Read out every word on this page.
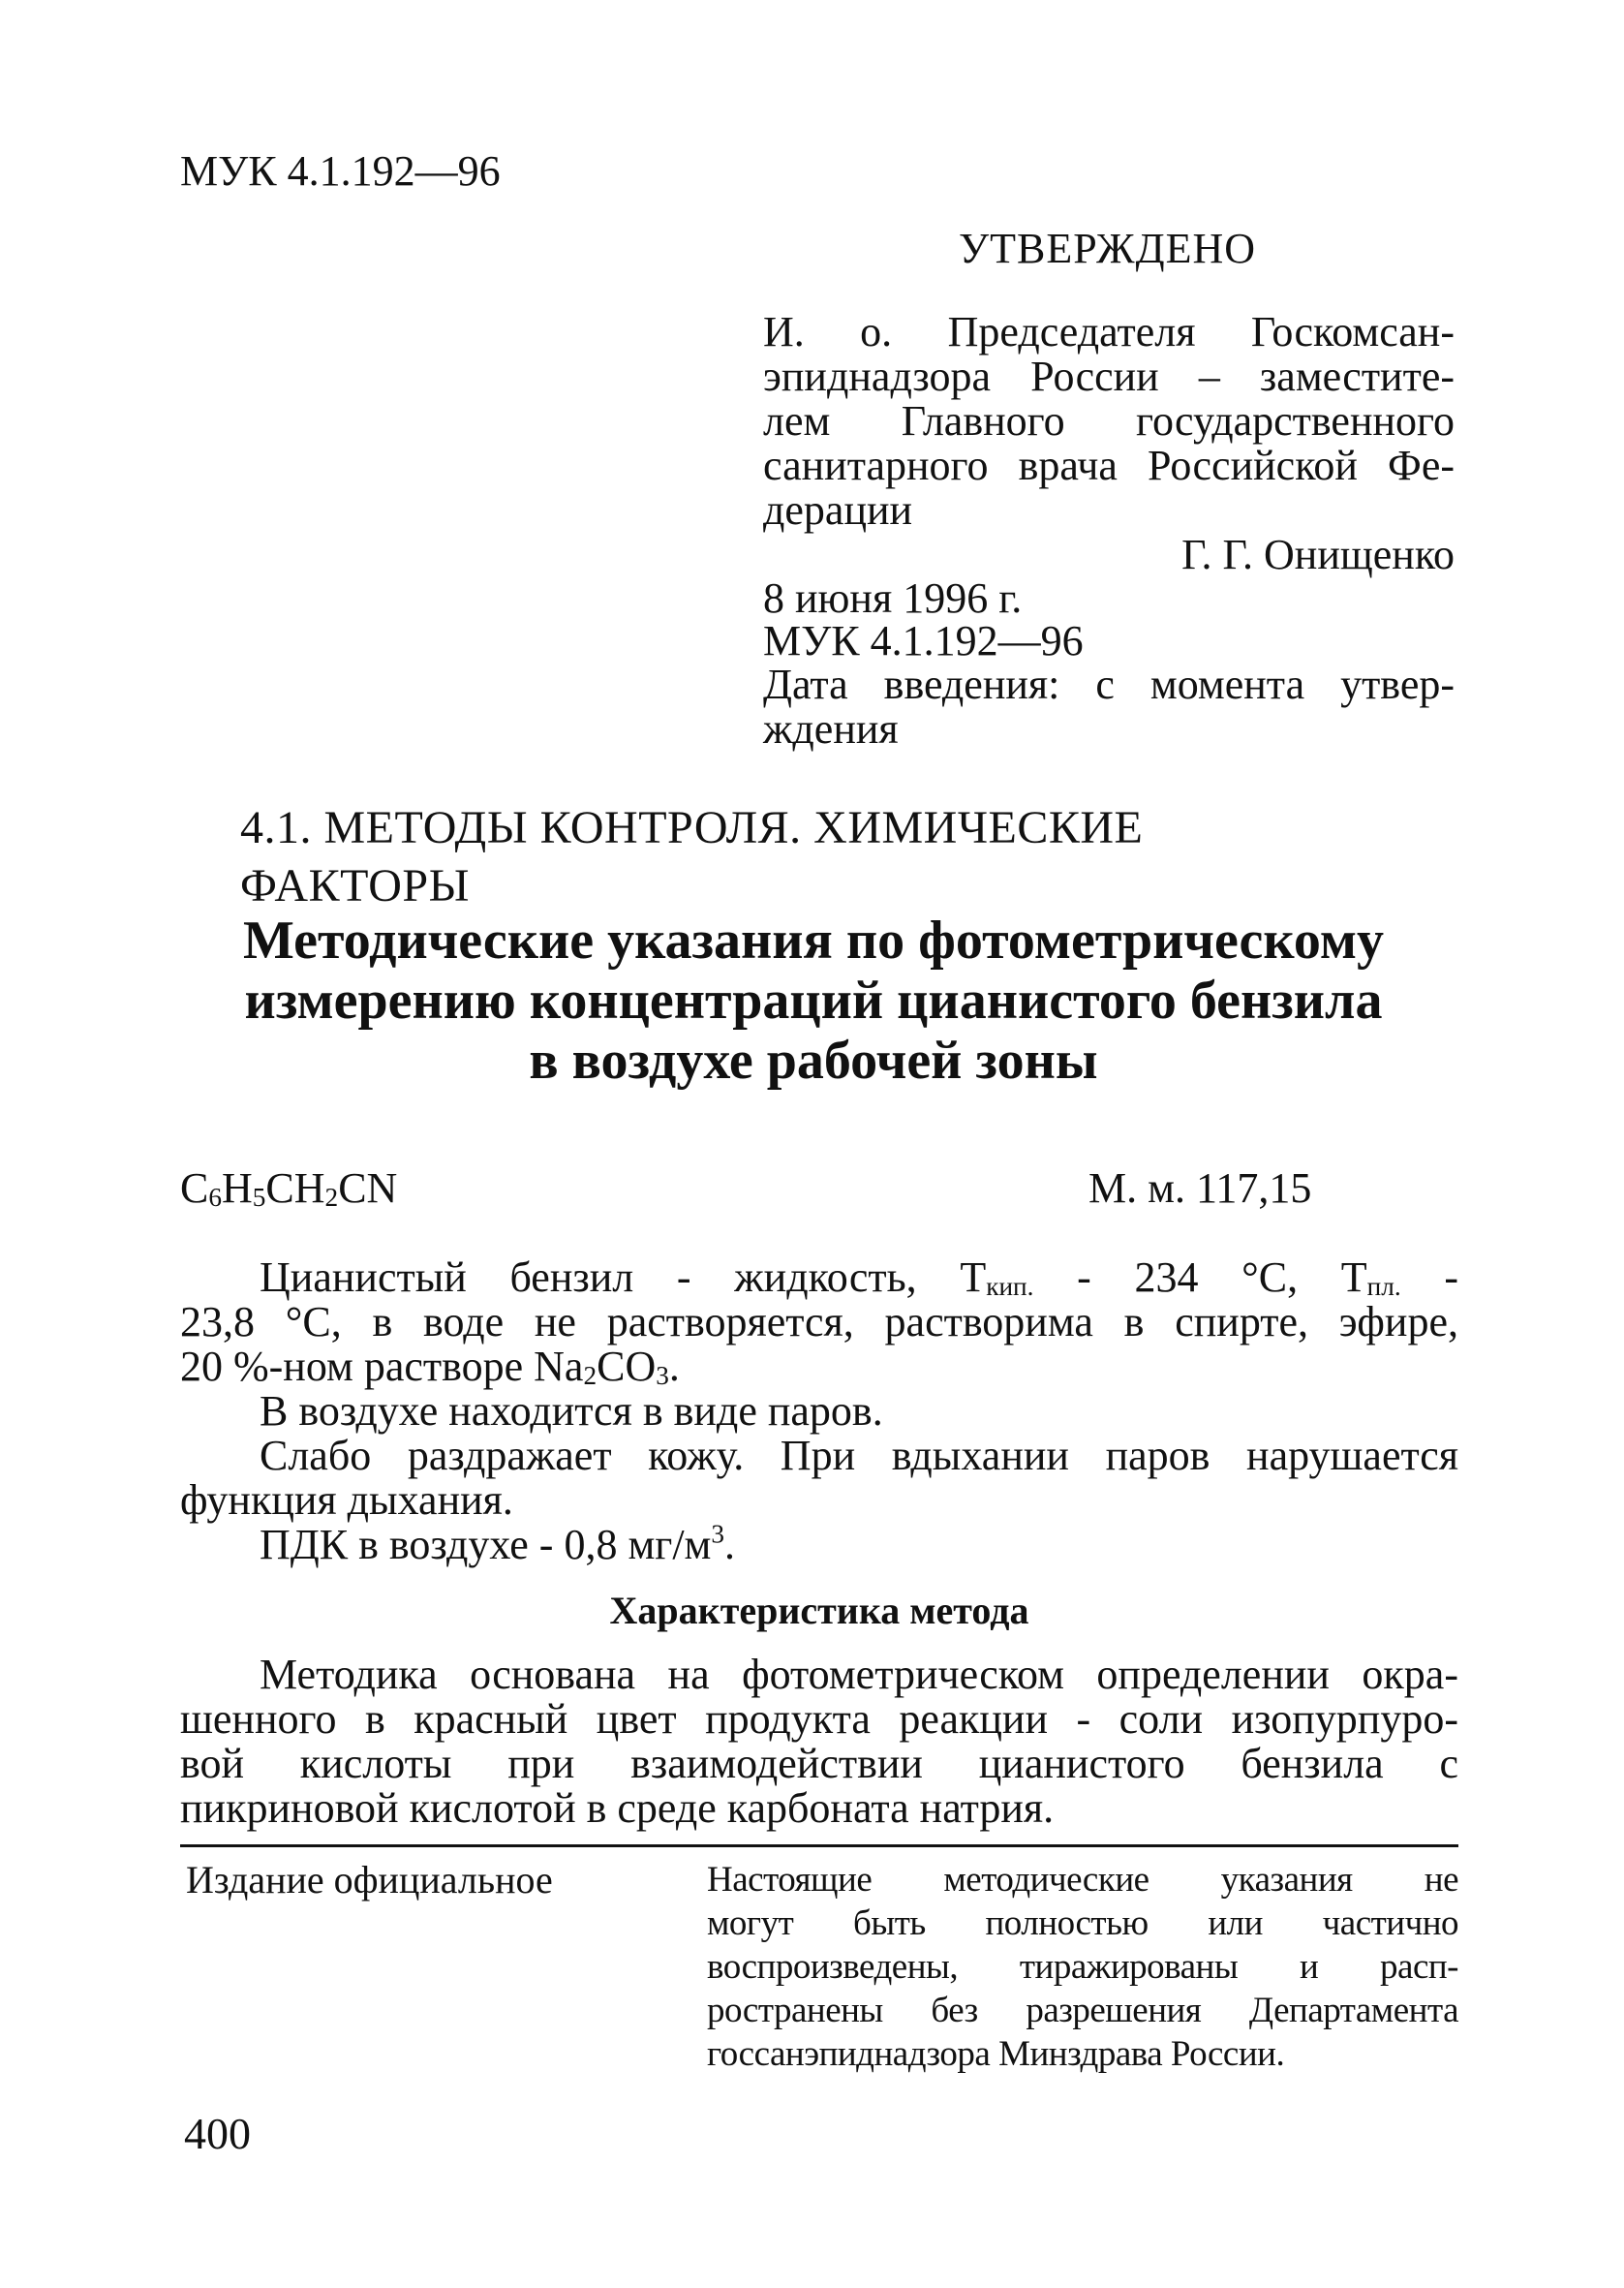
МУК 4.1.192—96
УТВЕРЖДЕНО

И. о. Председателя Госкомсан-

эпиднадзора России – заместите-

лем Главного государственного

санитарного врача Российской Фе-

дерации

Г. Г. Онищенко

8 июня 1996 г.

МУК 4.1.192—96

Дата введения: с момента утвер-

ждения

4.1. МЕТОДЫ КОНТРОЛЯ. ХИМИЧЕСКИЕ ФАКТОРЫ
Методические указания по фотометрическому
измерению концентраций цианистого бензила
в воздухе рабочей зоны
$C_6H_5CH_2CN$	М. м. 117,15

Цианистый бензил - жидкость, $Т_{кип.} - 234$ °С, $Т_{пл.}$ -

23,8 °С, в воде не растворяется, растворима в спирте, эфире,

20 %-ном растворе $Na_2CO_3$.

В воздухе находится в виде паров.

Слабо раздражает кожу. При вдыхании паров нарушается

функция дыхания.

ПДК в воздухе - 0,8 $мг/м^3$.

Характеристика метода

Методика основана на фотометрическом определении окра-

шенного в красный цвет продукта реакции - соли изопурпуро-

вой кислоты при взаимодействии цианистого бензила с

пикриновой кислотой в среде карбоната натрия.

Издание официальное	Настоящие методические указания не

могут быть полностью или частично

воспроизведены, тиражированы и расп-

ространены без разрешения Департамента

госсанэпиднадзора Минздрава России.

400
